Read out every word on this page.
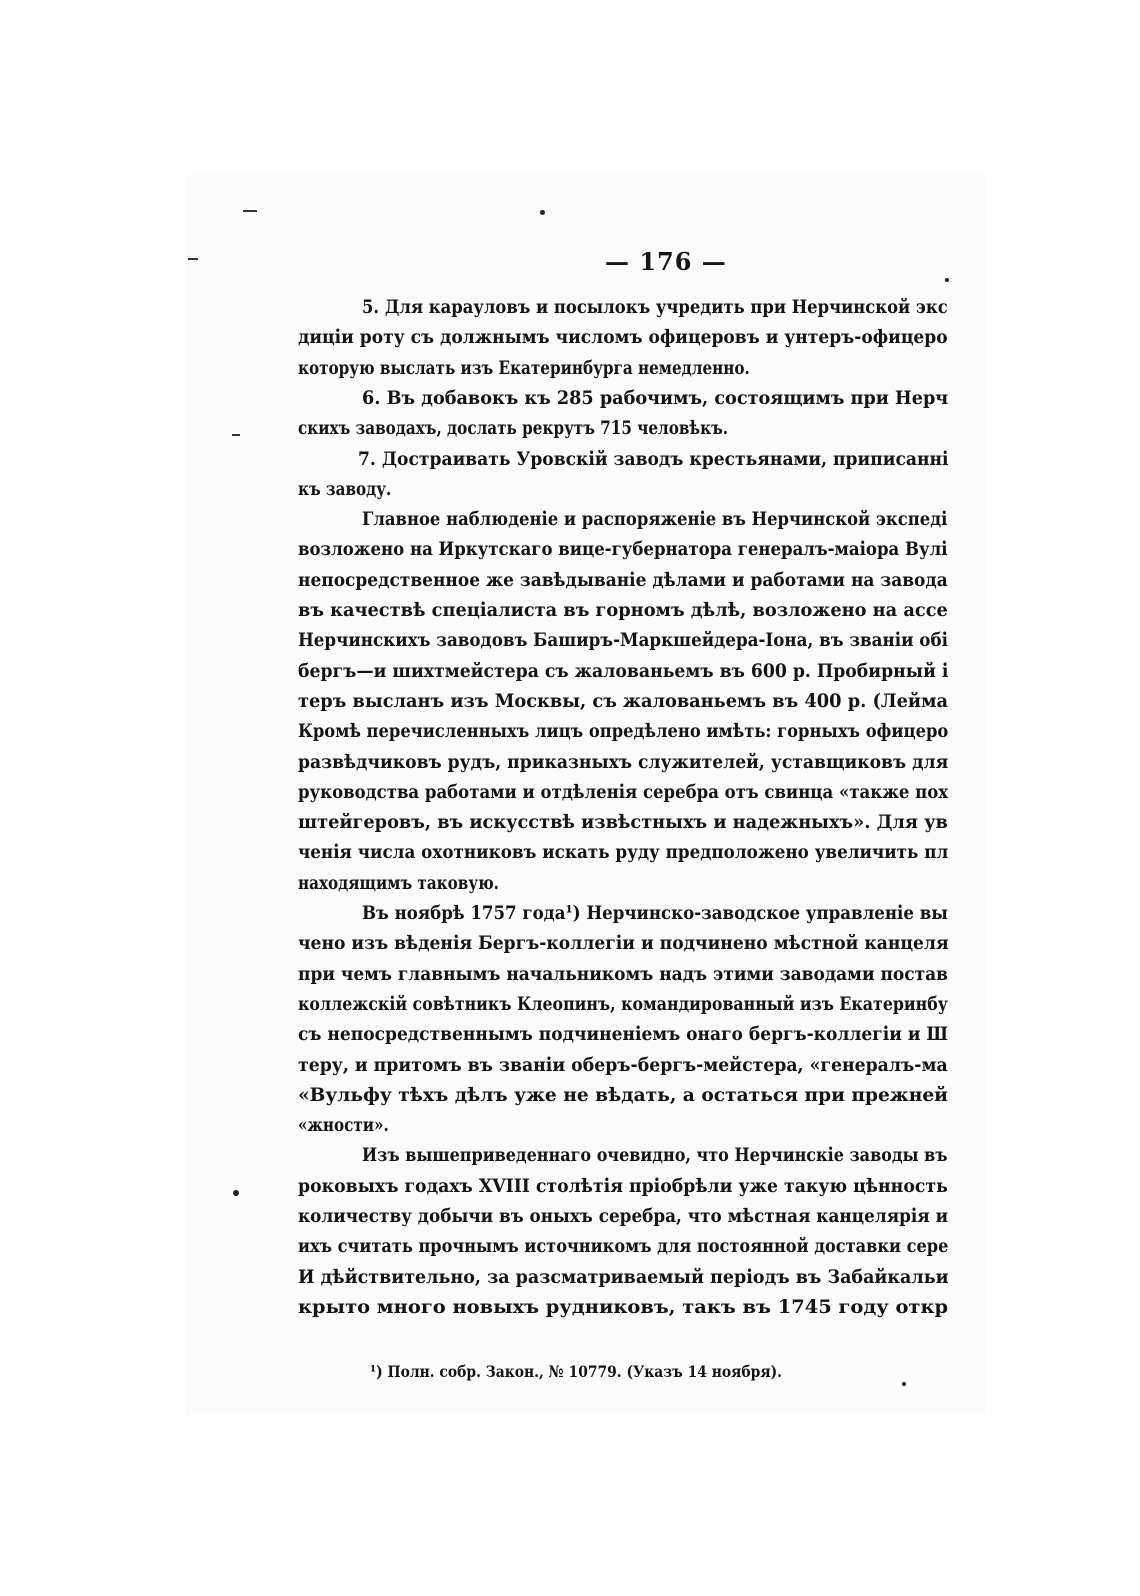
— 176 —
5. Для карауловъ и посылокъ учредить при Нерчинской экс
диціи роту съ должнымъ числомъ офицеровъ и унтеръ-офицеро
которую выслать изъ Екатеринбурга немедленно.
6. Въ добавокъ къ 285 рабочимъ, состоящимъ при Нерч
скихъ заводахъ, дослать рекрутъ 715 человѣкъ.
7. Достраивать Уровскій заводъ крестьянами, приписанні
къ заводу.
Главное наблюденіе и распоряженіе въ Нерчинской экспеді
возложено на Иркутскаго вице-губернатора генералъ-маіора Вулі
непосредственное же завѣдываніе дѣлами и работами на завода
въ качествѣ спеціалиста въ горномъ дѣлѣ, возложено на ассе
Нерчинскихъ заводовъ Баширъ-Маркшейдера-Іона, въ званіи обі
бергъ—и шихтмейстера съ жалованьемъ въ 600 р. Пробирный і
теръ высланъ изъ Москвы, съ жалованьемъ въ 400 р. (Лейма
Кромѣ перечисленныхъ лицъ опредѣлено имѣть: горныхъ офицеро
развѣдчиковъ рудъ, приказныхъ служителей, уставщиковъ для
руководства работами и отдѣленія серебра отъ свинца «также пох
штейгеровъ, въ искусствѣ извѣстныхъ и надежныхъ». Для ув
ченія числа охотниковъ искать руду предположено увеличить пл
находящимъ таковую.
Въ ноябрѣ 1757 года¹) Нерчинско-заводское управленіе вы
чено изъ вѣденія Бергъ-коллегіи и подчинено мѣстной канцеля
при чемъ главнымъ начальникомъ надъ этими заводами постав
коллежскій совѣтникъ Клеопинъ, командированный изъ Екатеринбу
съ непосредственнымъ подчиненіемъ онаго бергъ-коллегіи и Ш
теру, и притомъ въ званіи оберъ-бергъ-мейстера, «генералъ-ма
«Вульфу тѣхъ дѣлъ уже не вѣдать, а остаться при прежней
«жности».
Изъ вышеприведеннаго очевидно, что Нерчинскіе заводы въ
роковыхъ годахъ XVIII столѣтія пріобрѣли уже такую цѣнность
количеству добычи въ оныхъ серебра, что мѣстная канцелярія и
ихъ считать прочнымъ источникомъ для постоянной доставки сере
И дѣйствительно, за разсматриваемый періодъ въ Забайкальи
крыто много новыхъ рудниковъ, такъ въ 1745 году откр
¹) Полн. собр. Закон., № 10779. (Указъ 14 ноября).
